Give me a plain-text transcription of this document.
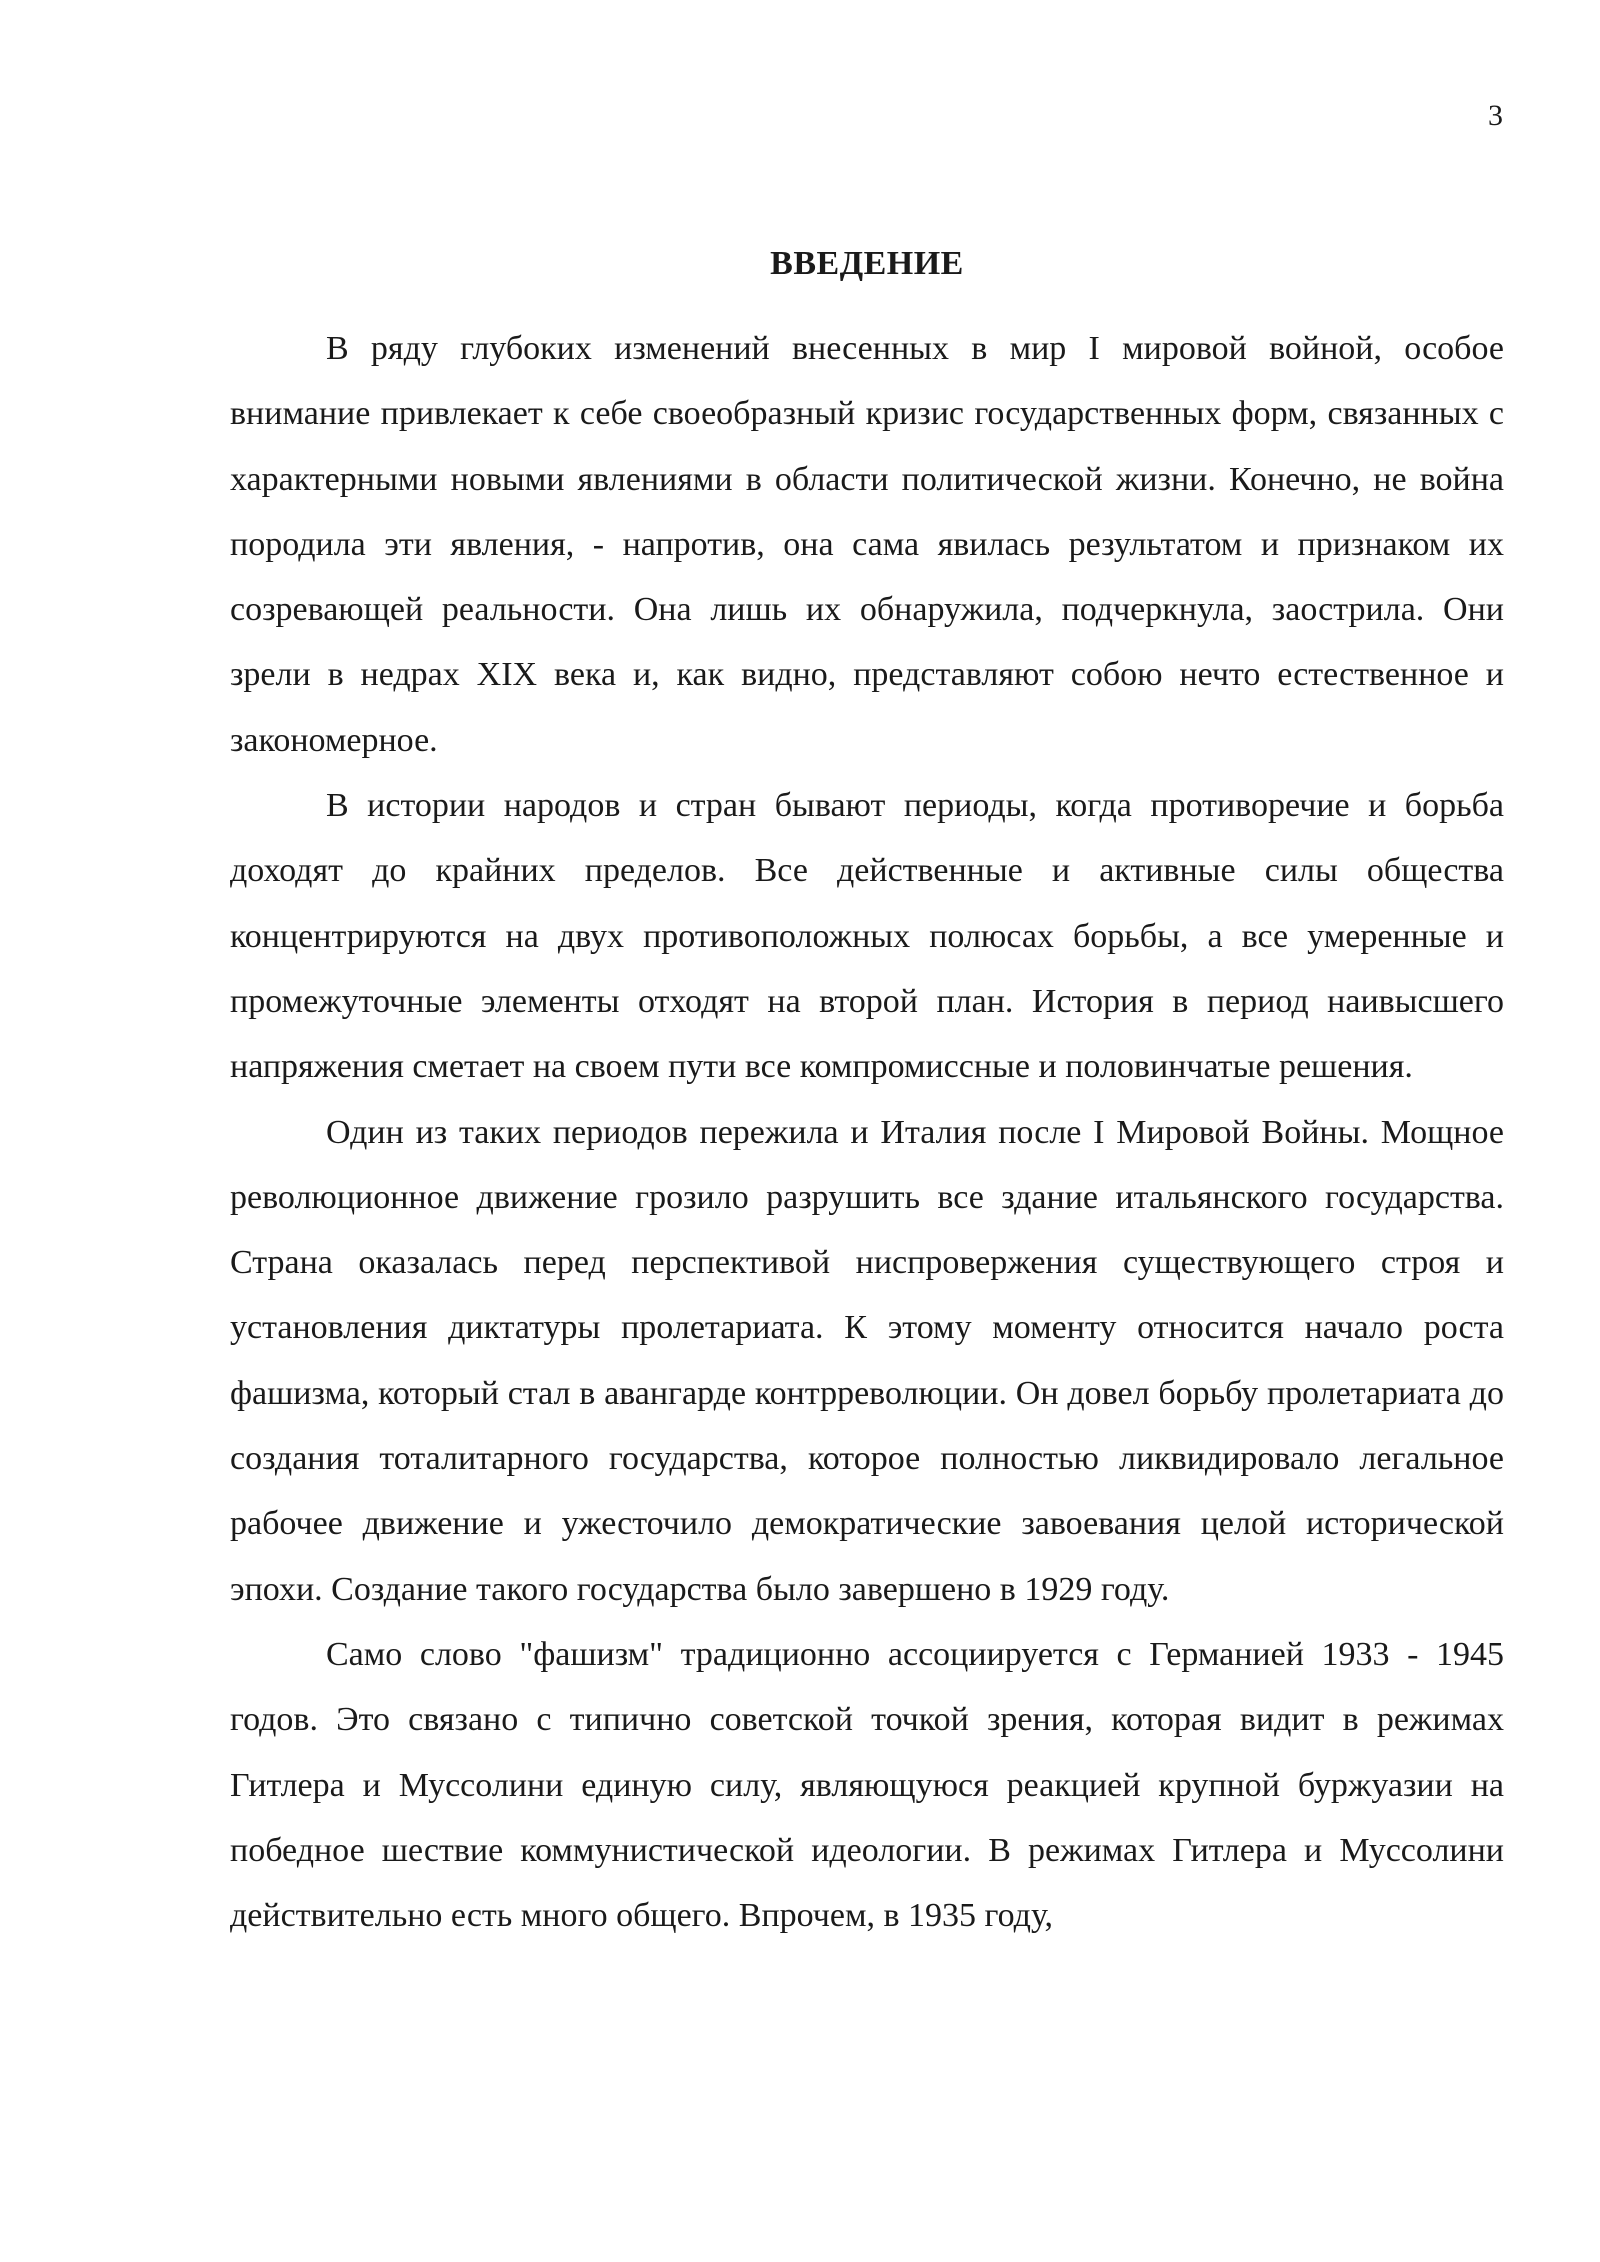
3
ВВЕДЕНИЕ

В ряду глубоких изменений внесенных в мир I мировой войной, особое внимание привлекает к себе своеобразный кризис государственных форм, связанных с характерными новыми явлениями в области политической жизни. Конечно, не война породила эти явления, - напротив, она сама явилась результатом и признаком их созревающей реальности. Она лишь их обнаружила, подчеркнула, заострила. Они зрели в недрах XIX века и, как видно, представляют собою нечто естественное и закономерное.

В истории народов и стран бывают периоды, когда противоречие и борьба доходят до крайних пределов. Все действенные и активные силы общества концентрируются на двух противоположных полюсах борьбы, а все умеренные и промежуточные элементы отходят на второй план. История в период наивысшего напряжения сметает на своем пути все компромиссные и половинчатые решения.

Один из таких периодов пережила и Италия после I Мировой Войны. Мощное революционное движение грозило разрушить все здание итальянского государства. Страна оказалась перед перспективой ниспровержения существующего строя и установления диктатуры пролетариата. К этому моменту относится начало роста фашизма, который стал в авангарде контрреволюции. Он довел борьбу пролетариата до создания тоталитарного государства, которое полностью ликвидировало легальное рабочее движение и ужесточило демократические завоевания целой исторической эпохи. Создание такого государства было завершено в 1929 году.

Само слово "фашизм" традиционно ассоциируется с Германией 1933 - 1945 годов. Это связано с типично советской точкой зрения, которая видит в режимах Гитлера и Муссолини единую силу, являющуюся реакцией крупной буржуазии на победное шествие коммунистической идеологии. В режимах Гитлера и Муссолини действительно есть много общего. Впрочем, в 1935 году,
